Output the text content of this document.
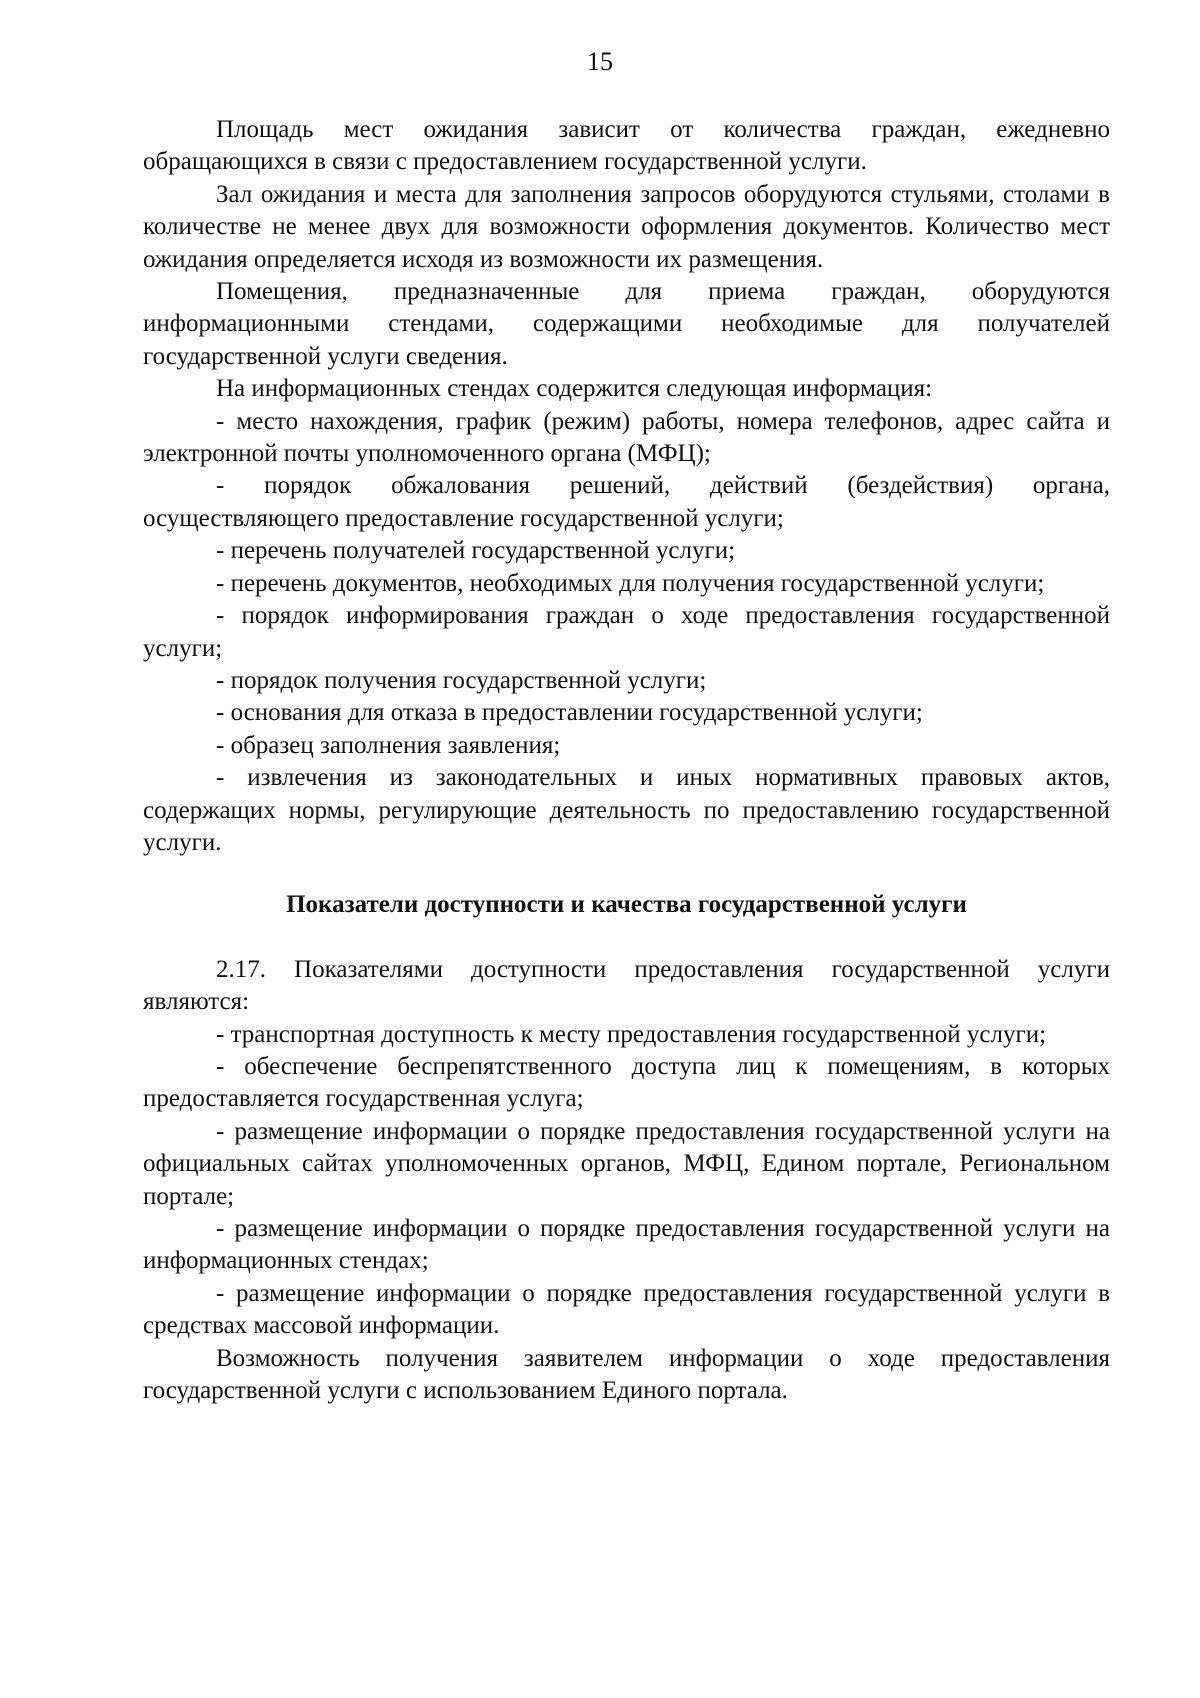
15

Площадь мест ожидания зависит от количества граждан, ежедневно обращающихся в связи с предоставлением государственной услуги.

Зал ожидания и места для заполнения запросов оборудуются стульями, столами в количестве не менее двух для возможности оформления документов. Количество мест ожидания определяется исходя из возможности их размещения.

Помещения, предназначенные для приема граждан, оборудуются информационными стендами, содержащими необходимые для получателей государственной услуги сведения.

На информационных стендах содержится следующая информация:

- место нахождения, график (режим) работы, номера телефонов, адрес сайта и электронной почты уполномоченного органа (МФЦ);

- порядок обжалования решений, действий (бездействия) органа, осуществляющего предоставление государственной услуги;

- перечень получателей государственной услуги;

- перечень документов, необходимых для получения государственной услуги;

- порядок информирования граждан о ходе предоставления государственной услуги;

- порядок получения государственной услуги;

- основания для отказа в предоставлении государственной услуги;

- образец заполнения заявления;

- извлечения из законодательных и иных нормативных правовых актов, содержащих нормы, регулирующие деятельность по предоставлению государственной услуги.

Показатели доступности и качества государственной услуги

2.17. Показателями доступности предоставления государственной услуги являются:

- транспортная доступность к месту предоставления государственной услуги;

- обеспечение беспрепятственного доступа лиц к помещениям, в которых предоставляется государственная услуга;

- размещение информации о порядке предоставления государственной услуги на официальных сайтах уполномоченных органов, МФЦ, Едином портале, Региональном портале;

- размещение информации о порядке предоставления государственной услуги на информационных стендах;

- размещение информации о порядке предоставления государственной услуги в средствах массовой информации.

Возможность получения заявителем информации о ходе предоставления государственной услуги с использованием Единого портала.
